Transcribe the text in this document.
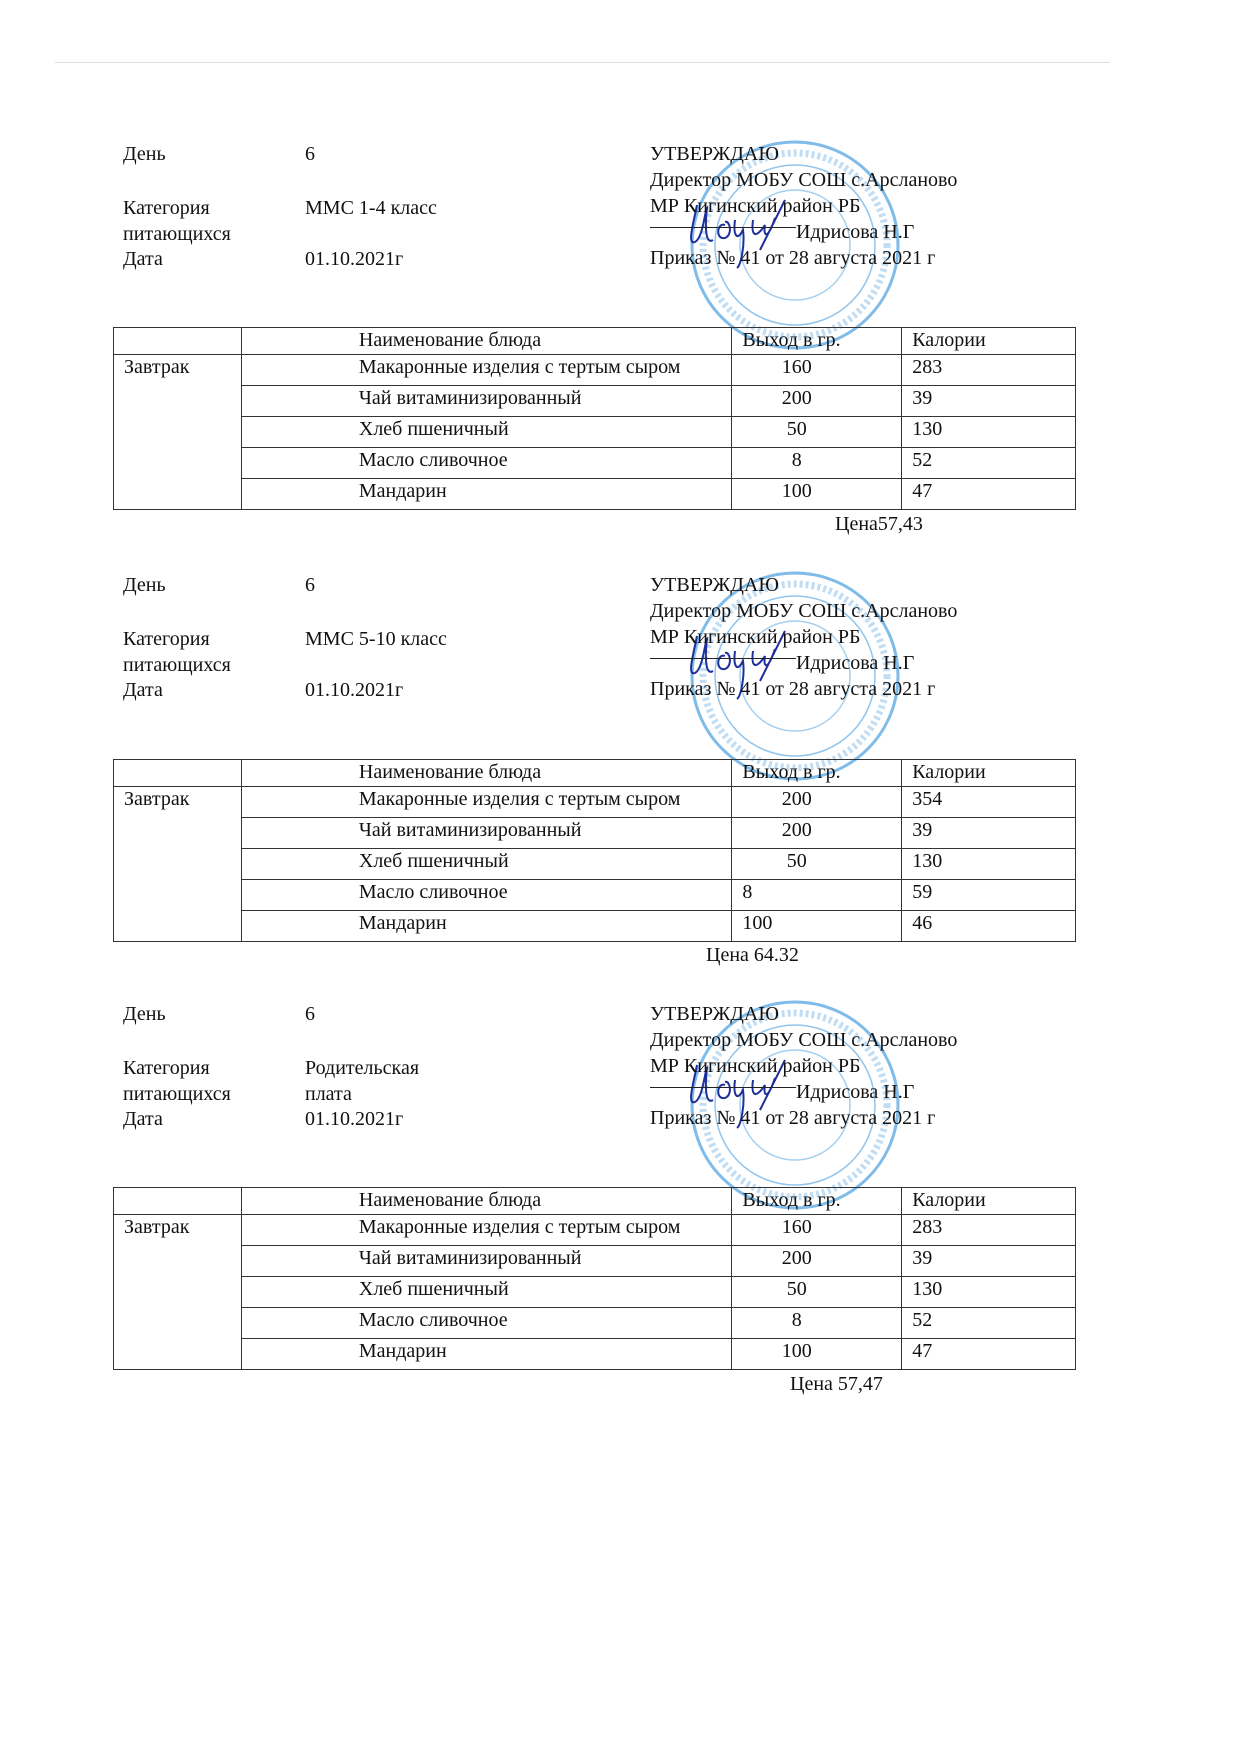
День	6
Категория
питающихся
ММС 1-4 класс
Дата	01.10.2021г
УТВЕРЖДАЮ
Директор МОБУ СОШ с.Арсланово
МР Кигинский район РБ
Идрисова Н.Г
Приказ № 41 от 28 августа 2021 г
	Наименование блюда	Выход в гр.	Калории
Завтрак	Макаронные изделия с тертым сыром	160	283
	Чай витаминизированный	200	39
	Хлеб пшеничный	50	130
	Масло сливочное	8	52
	Мандарин	100	47
Цена57,43
День	6
Категория
питающихся
ММС 5-10 класс
Дата	01.10.2021г
УТВЕРЖДАЮ
Директор МОБУ СОШ с.Арсланово
МР Кигинский район РБ
Идрисова Н.Г
Приказ № 41 от 28 августа 2021 г
	Наименование блюда	Выход в гр.	Калории
Завтрак	Макаронные изделия с тертым сыром	200	354
	Чай витаминизированный	200	39
	Хлеб пшеничный	50	130
	Масло сливочное	8	59
	Мандарин	100	46
Цена 64.32
День	6
Категория
питающихся
Родительская
плата
Дата	01.10.2021г
УТВЕРЖДАЮ
Директор МОБУ СОШ с.Арсланово
МР Кигинский район РБ
Идрисова Н.Г
Приказ № 41 от 28 августа 2021 г
	Наименование блюда	Выход в гр.	Калории
Завтрак	Макаронные изделия с тертым сыром	160	283
	Чай витаминизированный	200	39
	Хлеб пшеничный	50	130
	Масло сливочное	8	52
	Мандарин	100	47
Цена 57,47
